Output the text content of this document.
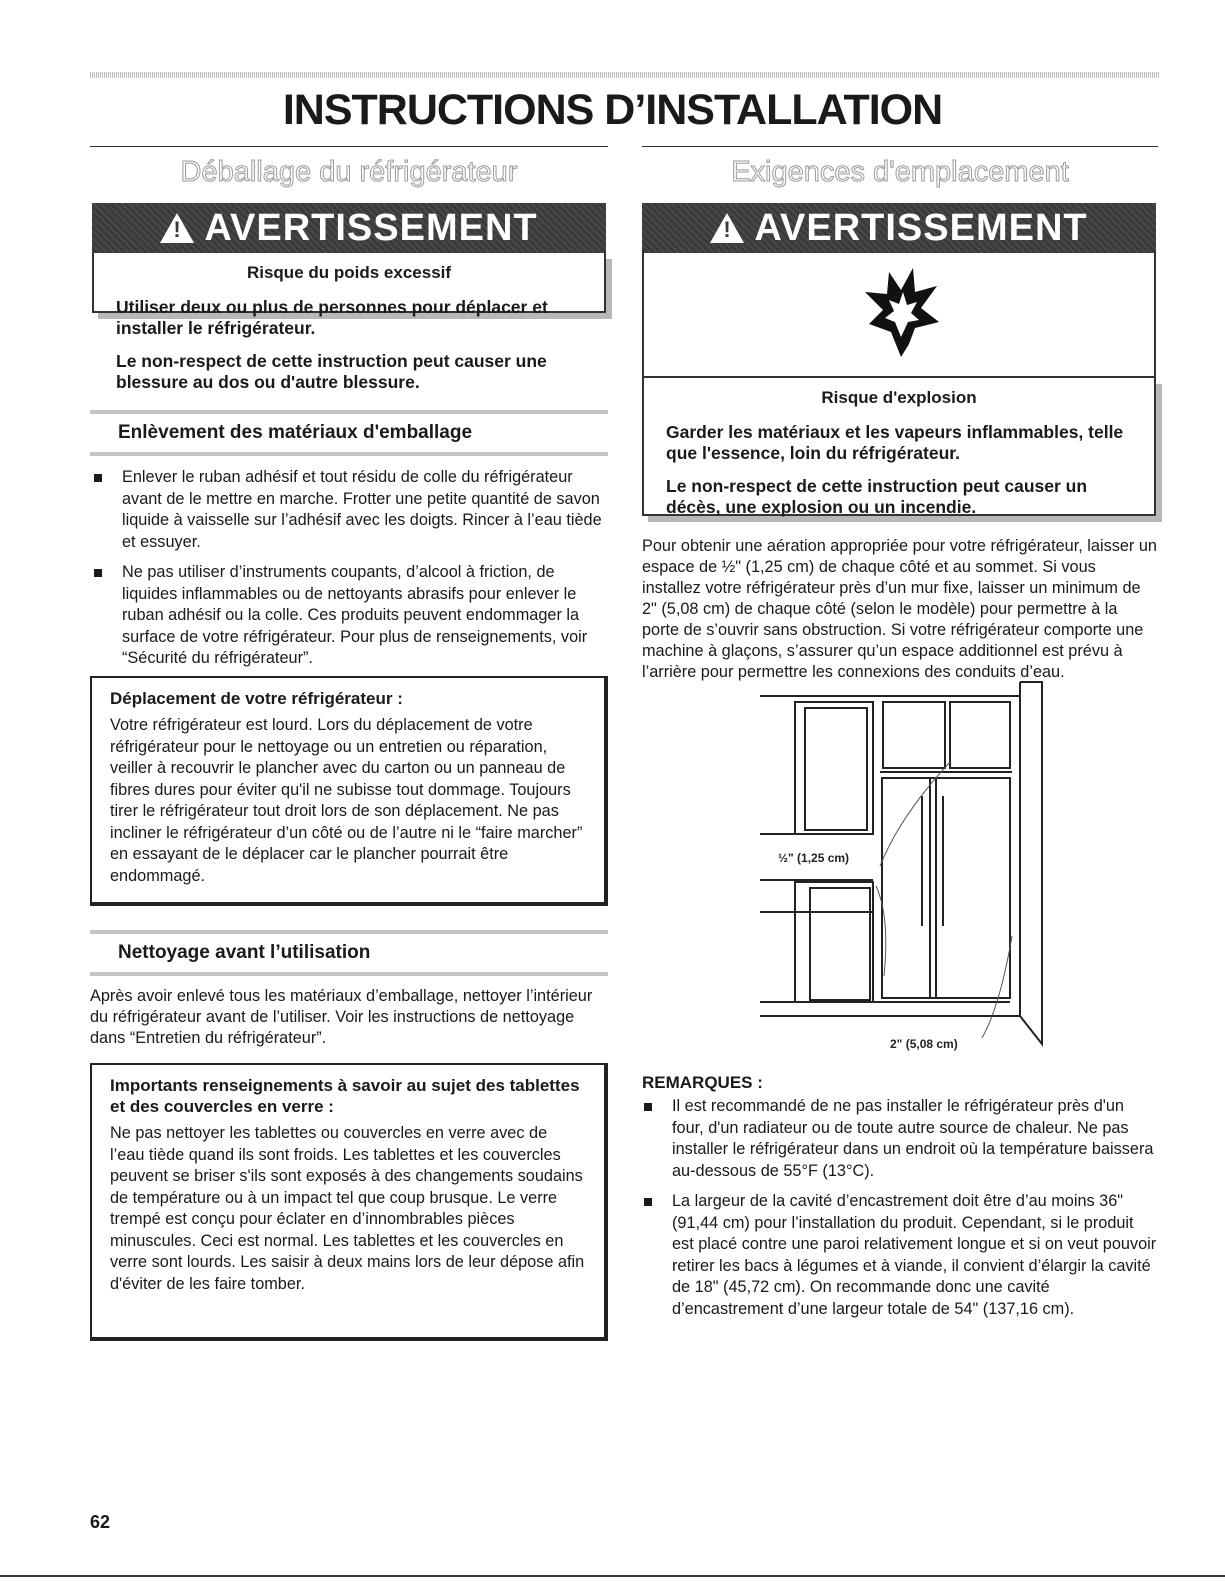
INSTRUCTIONS D’INSTALLATION
Déballage du réfrigérateur
!
AVERTISSEMENT
Risque du poids excessif

Utiliser deux ou plus de personnes pour déplacer et installer le réfrigérateur.

Le non-respect de cette instruction peut causer une blessure au dos ou d'autre blessure.

Enlèvement des matériaux d'emballage
Enlever le ruban adhésif et tout résidu de colle du réfrigérateur avant de le mettre en marche. Frotter une petite quantité de savon liquide à vaisselle sur l’adhésif avec les doigts. Rincer à l’eau tiède et essuyer.
Ne pas utiliser d’instruments coupants, d’alcool à friction, de liquides inflammables ou de nettoyants abrasifs pour enlever le ruban adhésif ou la colle. Ces produits peuvent endommager la surface de votre réfrigérateur. Pour plus de renseignements, voir “Sécurité du réfrigérateur”.
Déplacement de votre réfrigérateur :

Votre réfrigérateur est lourd. Lors du déplacement de votre réfrigérateur pour le nettoyage ou un entretien ou réparation, veiller à recouvrir le plancher avec du carton ou un panneau de fibres dures pour éviter qu'il ne subisse tout dommage. Toujours tirer le réfrigérateur tout droit lors de son déplacement. Ne pas incliner le réfrigérateur d’un côté ou de l’autre ni le “faire marcher” en essayant de le déplacer car le plancher pourrait être endommagé.

Nettoyage avant l’utilisation

Après avoir enlevé tous les matériaux d’emballage, nettoyer l’intérieur du réfrigérateur avant de l’utiliser. Voir les instructions de nettoyage dans “Entretien du réfrigérateur”.

Importants renseignements à savoir au sujet des tablettes et des couvercles en verre :

Ne pas nettoyer les tablettes ou couvercles en verre avec de l’eau tiède quand ils sont froids. Les tablettes et les couvercles peuvent se briser s'ils sont exposés à des changements soudains de température ou à un impact tel que coup brusque. Le verre trempé est conçu pour éclater en d’innombrables pièces minuscules. Ceci est normal. Les tablettes et les couvercles en verre sont lourds. Les saisir à deux mains lors de leur dépose afin d'éviter de les faire tomber.

Exigences d'emplacement
!
AVERTISSEMENT
Risque d'explosion

Garder les matériaux et les vapeurs inflammables, telle que l'essence, loin du réfrigérateur.

Le non-respect de cette instruction peut causer un décès, une explosion ou un incendie.

Pour obtenir une aération appropriée pour votre réfrigérateur, laisser un espace de ½" (1,25 cm) de chaque côté et au sommet. Si vous installez votre réfrigérateur près d’un mur fixe, laisser un minimum de 2" (5,08 cm) de chaque côté (selon le modèle) pour permettre à la porte de s’ouvrir sans obstruction. Si votre réfrigérateur comporte une machine à glaçons, s’assurer qu’un espace additionnel est prévu à l’arrière pour permettre les connexions des conduits d’eau.

½" (1,25 cm)
2" (5,08 cm)
REMARQUES :
Il est recommandé de ne pas installer le réfrigérateur près d'un four, d'un radiateur ou de toute autre source de chaleur. Ne pas installer le réfrigérateur dans un endroit où la température baissera au-dessous de 55°F (13°C).
La largeur de la cavité d’encastrement doit être d’au moins 36" (91,44 cm) pour l’installation du produit. Cependant, si le produit est placé contre une paroi relativement longue et si on veut pouvoir retirer les bacs à légumes et à viande, il convient d’élargir la cavité de 18" (45,72 cm). On recommande donc une cavité d’encastrement d’une largeur totale de 54" (137,16 cm).

62
